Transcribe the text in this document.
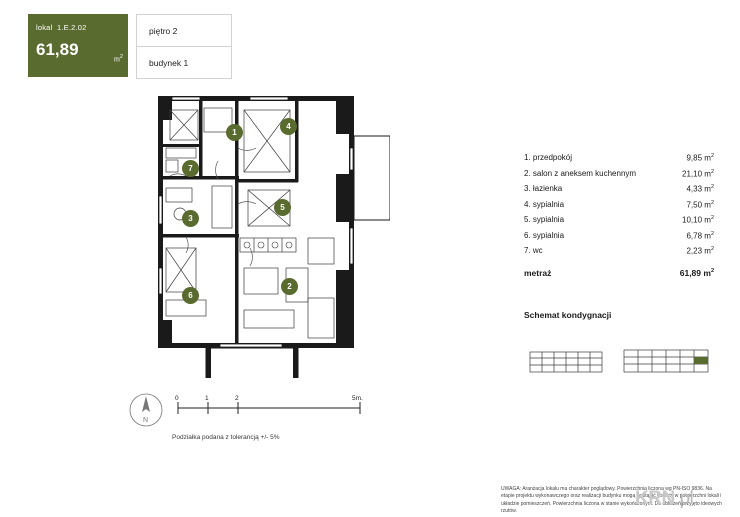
lokal 1.E.2.02
61,89
$m^2$
piętro 2
budynek 1
1
2
3
4
5
6
7
N
0	1	2	5m.
Podziałka podana z tolerancją +/- 5%
1. przedpokój	9,85 $m^2$
2. salon z aneksem kuchennym	21,10 $m^2$
3. łazienka	4,33 $m^2$
4. sypialnia	7,50 $m^2$
5. sypialnia	10,10 $m^2$
6. sypialnia	6,78 $m^2$
7. wc	2,23 $m^2$
metraż	61,89 $m^2$
Schemat kondygnacji
UWAGA: Aranżacja lokalu ma charakter poglądowy. Powierzchnia liczona wg PN-ISO 9836. Na etapie projektu wykonawczego oraz realizacji budynku mogą wystąpić korekty w powierzchni lokali i układzie pomieszczeń. Powierzchnia liczona w stanie wykończonym. Do obliczeń przyjęto ideowych rzutów.
KRN.pl
